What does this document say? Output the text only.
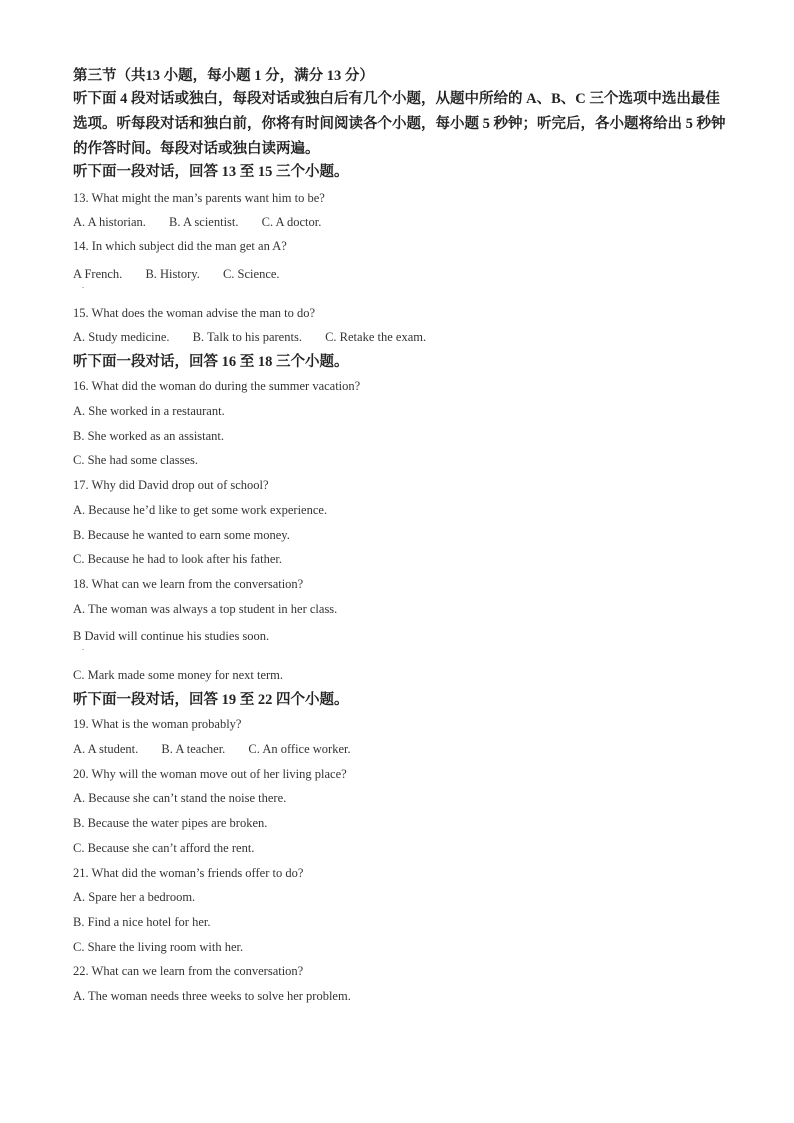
第三节（共13 小题，每小题 1 分，满分 13 分）
听下面 4 段对话或独白，每段对话或独白后有几个小题，从题中所给的 A、B、C 三个选项中选出最佳选项。听每段对话和独白前，你将有时间阅读各个小题，每小题 5 秒钟；听完后，各小题将给出 5 秒钟的作答时间。每段对话或独白读两遍。
听下面一段对话，回答 13 至 15 三个小题。
13. What might the man’s parents want him to be?
A. A historian. B. A scientist. C. A doctor.
14. In which subject did the man get an A?
A French. B. History. C. Science.
.
15. What does the woman advise the man to do?
A. Study medicine. B. Talk to his parents. C. Retake the exam.
听下面一段对话，回答 16 至 18 三个小题。
16. What did the woman do during the summer vacation?
A. She worked in a restaurant.
B. She worked as an assistant.
C. She had some classes.
17. Why did David drop out of school?
A. Because he’d like to get some work experience.
B. Because he wanted to earn some money.
C. Because he had to look after his father.
18. What can we learn from the conversation?
A. The woman was always a top student in her class.
B David will continue his studies soon.
.
C. Mark made some money for next term.
听下面一段对话，回答 19 至 22 四个小题。
19. What is the woman probably?
A. A student. B. A teacher. C. An office worker.
20. Why will the woman move out of her living place?
A. Because she can’t stand the noise there.
B. Because the water pipes are broken.
C. Because she can’t afford the rent.
21. What did the woman’s friends offer to do?
A. Spare her a bedroom.
B. Find a nice hotel for her.
C. Share the living room with her.
22. What can we learn from the conversation?
A. The woman needs three weeks to solve her problem.
